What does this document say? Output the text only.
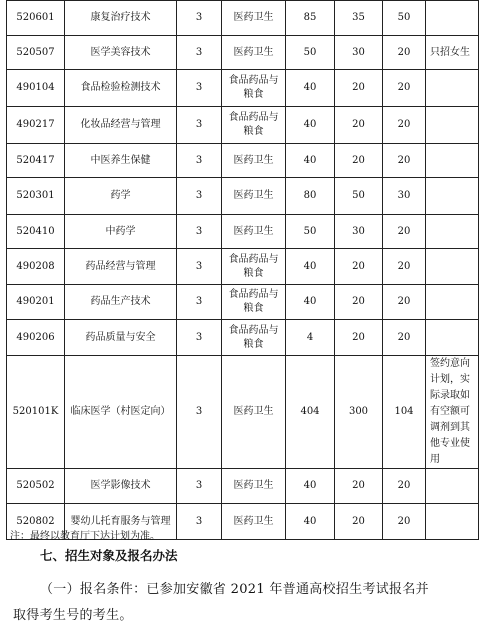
520601	康复治疗技术	3	医药卫生	85	35	50	
520507	医学美容技术	3	医药卫生	50	30	20	只招女生
490104	食品检验检测技术	3	食品药品与粮食	40	20	20	
490217	化妆品经营与管理	3	食品药品与粮食	40	20	20	
520417	中医养生保健	3	医药卫生	40	20	20	
520301	药学	3	医药卫生	80	50	30	
520410	中药学	3	医药卫生	50	30	20	
490208	药品经营与管理	3	食品药品与粮食	40	20	20	
490201	药品生产技术	3	食品药品与粮食	40	20	20	
490206	药品质量与安全	3	食品药品与粮食	4	20	20	
520101K	临床医学（村医定向）	3	医药卫生	404	300	104	签约意向计划，实际录取如有空额可调剂到其他专业使用
520502	医学影像技术	3	医药卫生	40	20	20	
520802	婴幼儿托育服务与管理	3	医药卫生	40	20	20	
注：最终以教育厅下达计划为准。
七、招生对象及报名办法
（一）报名条件：已参加安徽省 2021 年普通高校招生考试报名并
取得考生号的考生。
